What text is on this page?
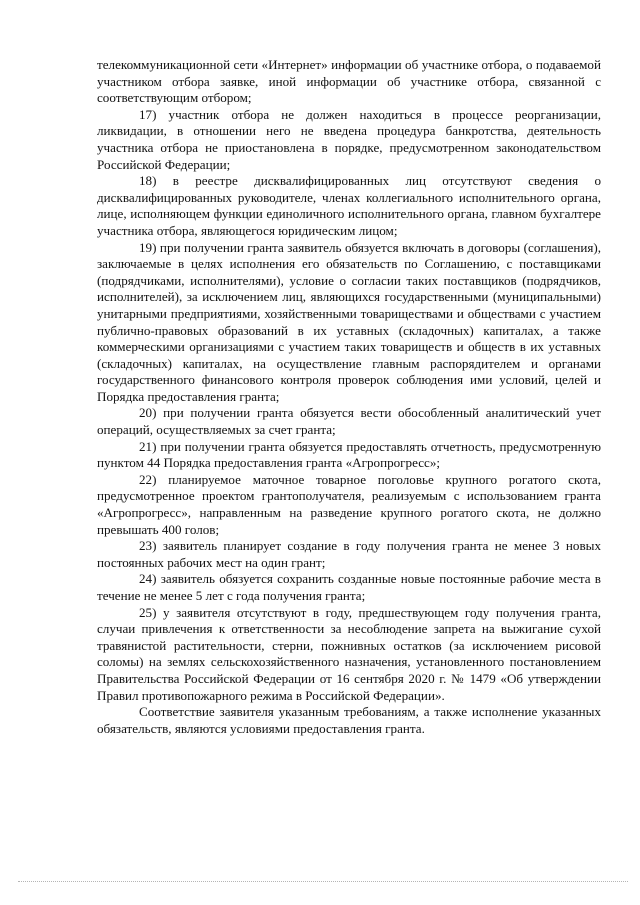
телекоммуникационной сети «Интернет» информации об участнике отбора, о подаваемой участником отбора заявке, иной информации об участнике отбора, связанной с соответствующим отбором;

17) участник отбора не должен находиться в процессе реорганизации, ликвидации, в отношении него не введена процедура банкротства, деятельность участника отбора не приостановлена в порядке, предусмотренном законодательством Российской Федерации;

18) в реестре дисквалифицированных лиц отсутствуют сведения о дисквалифицированных руководителе, членах коллегиального исполнительного органа, лице, исполняющем функции единоличного исполнительного органа, главном бухгалтере участника отбора, являющегося юридическим лицом;

19) при получении гранта заявитель обязуется включать в договоры (соглашения), заключаемые в целях исполнения его обязательств по Соглашению, с поставщиками (подрядчиками, исполнителями), условие о согласии таких поставщиков (подрядчиков, исполнителей), за исключением лиц, являющихся государственными (муниципальными) унитарными предприятиями, хозяйственными товариществами и обществами с участием публично-правовых образований в их уставных (складочных) капиталах, а также коммерческими организациями с участием таких товариществ и обществ в их уставных (складочных) капиталах, на осуществление главным распорядителем и органами государственного финансового контроля проверок соблюдения ими условий, целей и Порядка предоставления гранта;

20) при получении гранта обязуется вести обособленный аналитический учет операций, осуществляемых за счет гранта;

21) при получении гранта обязуется предоставлять отчетность, предусмотренную пунктом 44 Порядка предоставления гранта «Агропрогресс»;

22) планируемое маточное товарное поголовье крупного рогатого скота, предусмотренное проектом грантополучателя, реализуемым с использованием гранта «Агропрогресс», направленным на разведение крупного рогатого скота, не должно превышать 400 голов;

23) заявитель планирует создание в году получения гранта не менее 3 новых постоянных рабочих мест на один грант;

24) заявитель обязуется сохранить созданные новые постоянные рабочие места в течение не менее 5 лет с года получения гранта;

25) у заявителя отсутствуют в году, предшествующем году получения гранта, случаи привлечения к ответственности за несоблюдение запрета на выжигание сухой травянистой растительности, стерни, пожнивных остатков (за исключением рисовой соломы) на землях сельскохозяйственного назначения, установленного постановлением Правительства Российской Федерации от 16 сентября 2020 г. № 1479 «Об утверждении Правил противопожарного режима в Российской Федерации».

Соответствие заявителя указанным требованиям, а также исполнение указанных обязательств, являются условиями предоставления гранта.
